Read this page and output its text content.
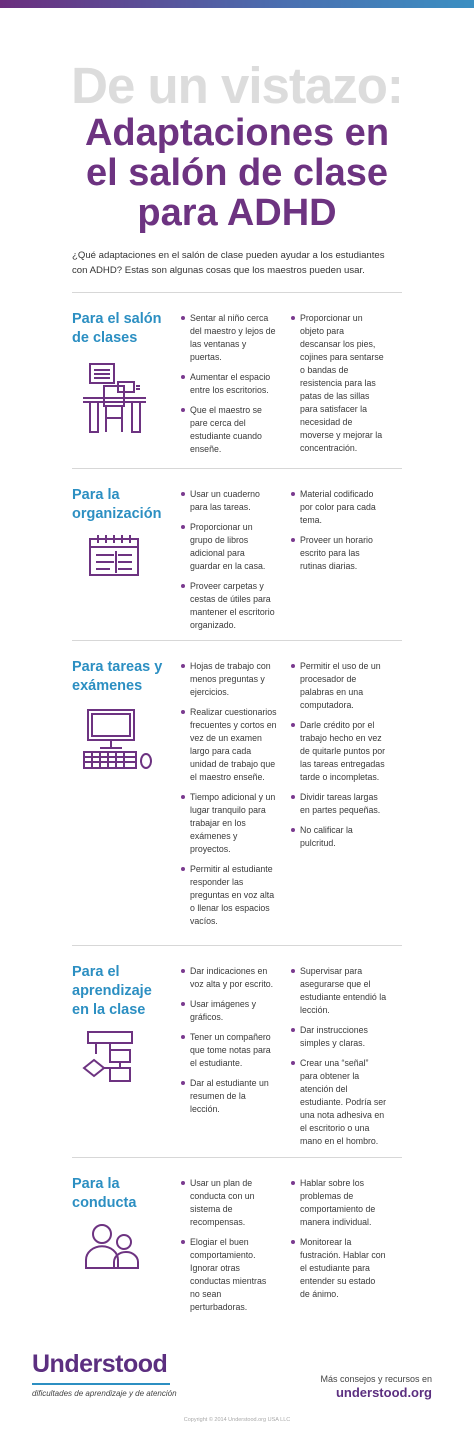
De un vistazo:
Adaptaciones en
el salón de clase
para ADHD
¿Qué adaptaciones en el salón de clase pueden ayudar a los estudiantes con ADHD? Estas son algunas cosas que los maestros pueden usar.
Para el salón
de clases
Sentar al niño cerca del maestro y lejos de las ventanas y puertas.
Aumentar el espacio entre los escritorios.
Que el maestro se pare cerca del estudiante cuando enseñe.
Proporcionar un objeto para descansar los pies, cojines para sentarse o bandas de resistencia para las patas de las sillas para satisfacer la necesidad de moverse y mejorar la concentración.
Para la
organización
Usar un cuaderno para las tareas.
Proporcionar un grupo de libros adicional para guardar en la casa.
Proveer carpetas y cestas de útiles para mantener el escritorio organizado.
Material codificado por color para cada tema.
Proveer un horario escrito para las rutinas diarias.
Para tareas y
exámenes
Hojas de trabajo con menos preguntas y ejercicios.
Realizar cuestionarios frecuentes y cortos en vez de un examen largo para cada unidad de trabajo que el maestro enseñe.
Tiempo adicional y un lugar tranquilo para trabajar en los exámenes y proyectos.
Permitir al estudiante responder las preguntas en voz alta o llenar los espacios vacíos.
Permitir el uso de un procesador de palabras en una computadora.
Darle crédito por el trabajo hecho en vez de quitarle puntos por las tareas entregadas tarde o incompletas.
Dividir tareas largas en partes pequeñas.
No calificar la pulcritud.
Para el
aprendizaje
en la clase
Dar indicaciones en voz alta y por escrito.
Usar imágenes y gráficos.
Tener un compañero que tome notas para el estudiante.
Dar al estudiante un resumen de la lección.
Supervisar para asegurarse que el estudiante entendió la lección.
Dar instrucciones simples y claras.
Crear una “señal” para obtener la atención del estudiante. Podría ser una nota adhesiva en el escritorio o una mano en el hombro.
Para la
conducta
Usar un plan de conducta con un sistema de recompensas.
Elogiar el buen comportamiento. Ignorar otras conductas mientras no sean perturbadoras.
Hablar sobre los problemas de comportamiento de manera individual.
Monitorear la fustración. Hablar con el estudiante para entender su estado de ánimo.
Understood
dificultades de aprendizaje y de atención
Más consejos y recursos en
understood.org
Copyright © 2014 Understood.org USA LLC
